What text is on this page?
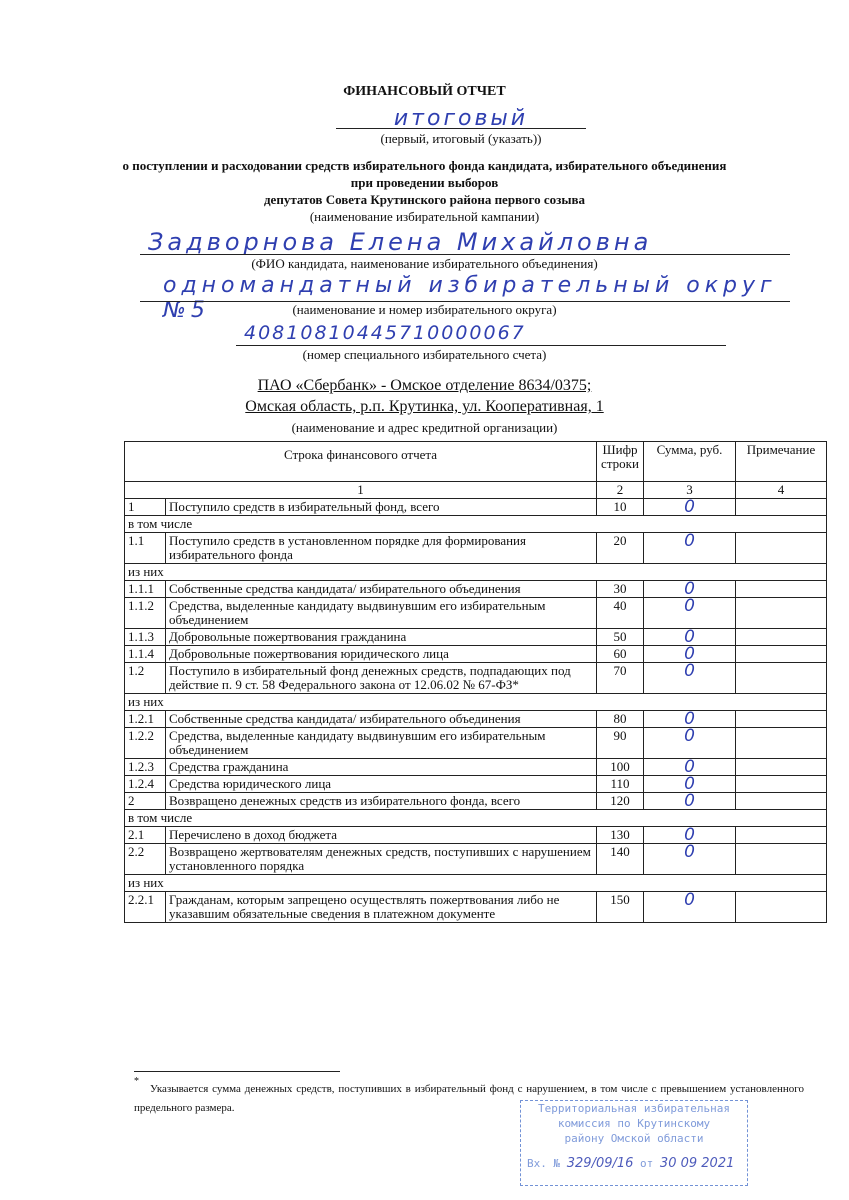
ФИНАНСОВЫЙ ОТЧЕТ
итоговый
(первый, итоговый (указать))
о поступлении и расходовании средств избирательного фонда кандидата, избирательного объединения
при проведении выборов
депутатов Совета Крутинского района первого созыва
(наименование избирательной кампании)
Задворнова Елена Михайловна
(ФИО кандидата, наименование избирательного объединения)
одномандатный избирательный округ №5	(наименование и номер избирательного округа)
40810810445710000067
(номер специального избирательного счета)
ПАО «Сбербанк» - Омское отделение 8634/0375;
Омская область, р.п. Крутинка, ул. Кооперативная, 1
(наименование и адрес кредитной организации)
Строка финансового отчета		Шифр строки	Сумма, руб.	Примечание
1		2	3	4
1	Поступило средств в избирательный фонд, всего	10	0	
в том числе				
1.1	Поступило средств в установленном порядке для формирования избирательного фонда	20	0	
из них				
1.1.1	Собственные средства кандидата/ избирательного объединения	30	0	
1.1.2	Средства, выделенные кандидату выдвинувшим его избирательным объединением	40	0	
1.1.3	Добровольные пожертвования гражданина	50	0	
1.1.4	Добровольные пожертвования юридического лица	60	0	
1.2	Поступило в избирательный фонд денежных средств, подпадающих под действие п. 9 ст. 58 Федерального закона от 12.06.02 № 67-ФЗ*	70	0	
из них				
1.2.1	Собственные средства кандидата/ избирательного объединения	80	0	
1.2.2	Средства, выделенные кандидату выдвинувшим его избирательным объединением	90	0	
1.2.3	Средства гражданина	100	0	
1.2.4	Средства юридического лица	110	0	
2	Возвращено денежных средств из избирательного фонда, всего	120	0	
в том числе				
2.1	Перечислено в доход бюджета	130	0	
2.2	Возвращено жертвователям денежных средств, поступивших с нарушением установленного порядка	140	0	
из них				
2.2.1	Гражданам, которым запрещено осуществлять пожертвования либо не указавшим обязательные сведения в платежном документе	150	0	
*
Указывается сумма денежных средств, поступивших в избирательный фонд с нарушением, в том числе с превышением установленного предельного размера.	Территориальная избирательная
комиссия по Крутинскому
району Омской области
Вх. № 329/09/16 от 30 09 2021
